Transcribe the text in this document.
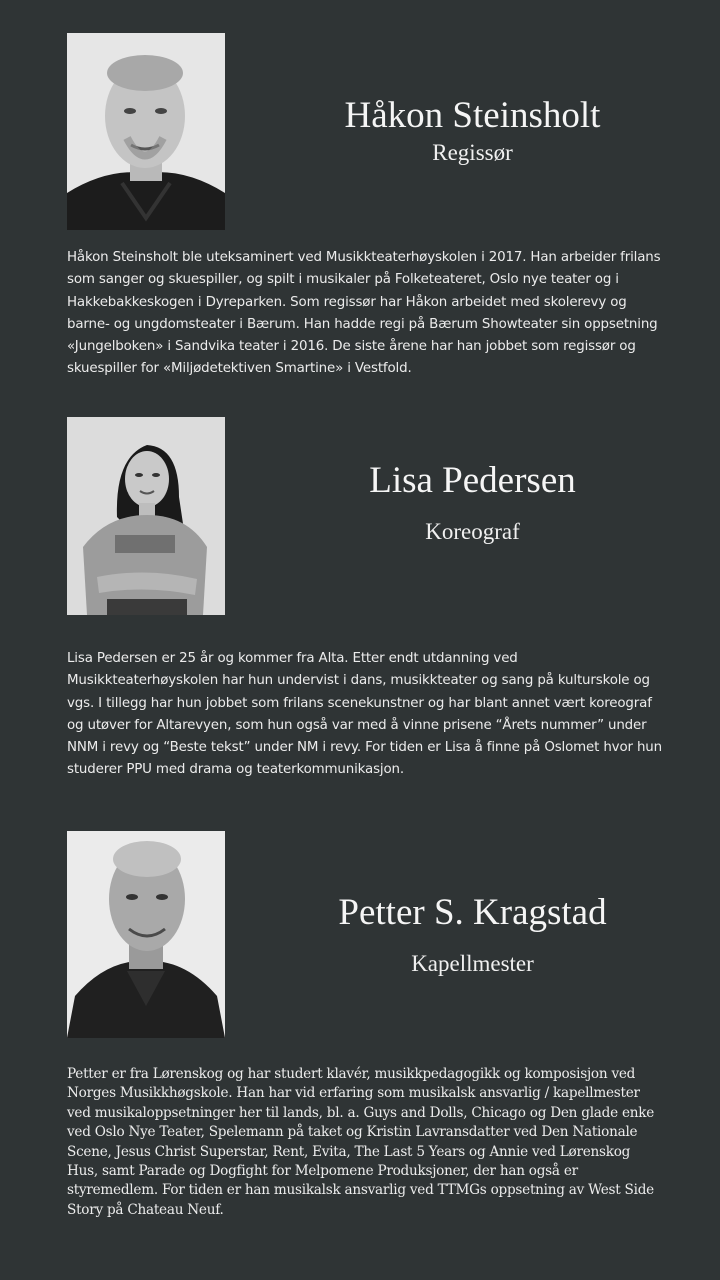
Håkon Steinsholt

Regissør

Håkon Steinsholt ble uteksaminert ved Musikkteaterhøyskolen i 2017. Han arbeider frilans som sanger og skuespiller, og spilt i musikaler på Folketeateret, Oslo nye teater og i Hakkebakkeskogen i Dyreparken. Som regissør har Håkon arbeidet med skolerevy og barne- og ungdomsteater i Bærum. Han hadde regi på Bærum Showteater sin oppsetning «Jungelboken» i Sandvika teater i 2016. De siste årene har han jobbet som regissør og skuespiller for «Miljødetektiven Smartine» i Vestfold.

Lisa Pedersen

Koreograf

Lisa Pedersen er 25 år og kommer fra Alta. Etter endt utdanning ved Musikkteaterhøyskolen har hun undervist i dans, musikkteater og sang på kulturskole og vgs. I tillegg har hun jobbet som frilans scenekunstner og har blant annet vært koreograf og utøver for Altarevyen, som hun også var med å vinne prisene “Årets nummer” under NNM i revy og “Beste tekst” under NM i revy. For tiden er Lisa å finne på Oslomet hvor hun studerer PPU med drama og teaterkommunikasjon.

Petter S. Kragstad

Kapellmester

Petter er fra Lørenskog og har studert klavér, musikkpedagogikk og komposisjon ved Norges Musikkhøgskole. Han har vid erfaring som musikalsk ansvarlig / kapellmester ved musikaloppsetninger her til lands, bl. a. Guys and Dolls, Chicago og Den glade enke ved Oslo Nye Teater, Spelemann på taket og Kristin Lavransdatter ved Den Nationale Scene, Jesus Christ Superstar, Rent, Evita, The Last 5 Years og Annie ved Lørenskog Hus, samt Parade og Dogfight for Melpomene Produksjoner, der han også er styremedlem. For tiden er han musikalsk ansvarlig ved TTMGs oppsetning av West Side Story på Chateau Neuf.
